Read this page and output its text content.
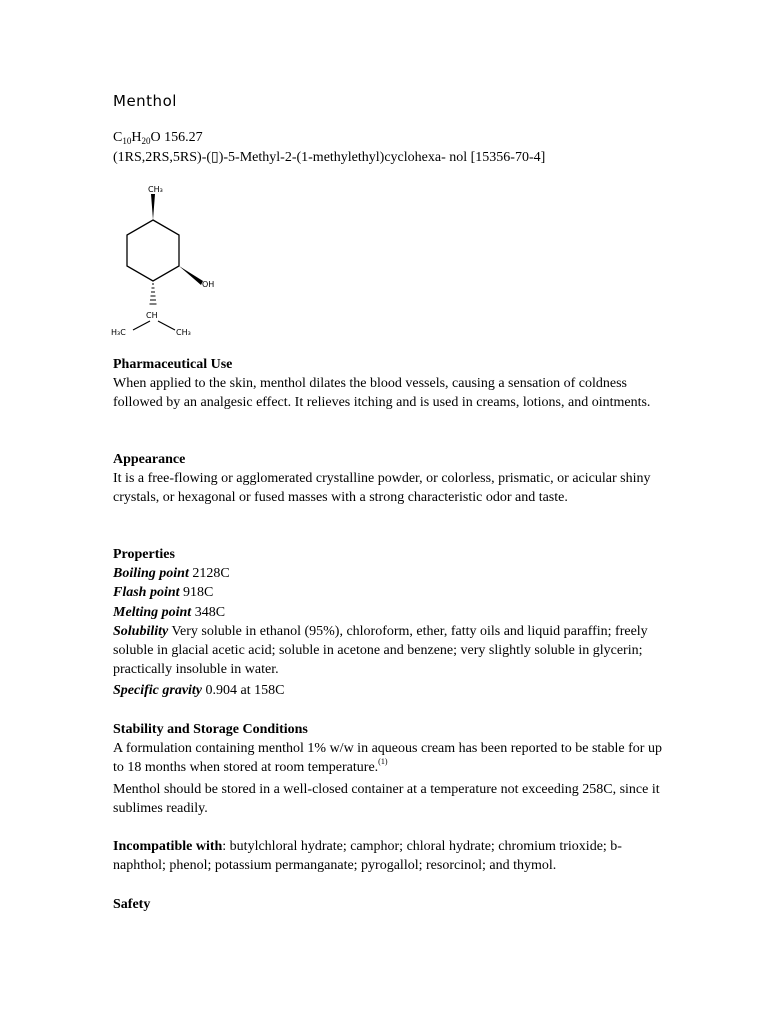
Menthol
$C_{10}H_{20}O$ 156.27
(1RS,2RS,5RS)-(▯)-5-Methyl-2-(1-methylethyl)cyclohexa- nol [15356-70-4]
CH₃
OH
CH
H₃C	CH₃
Pharmaceutical Use

When applied to the skin, menthol dilates the blood vessels, causing a sensation of coldness followed by an analgesic effect. It relieves itching and is used in creams, lotions, and ointments.

Appearance

It is a free-flowing or agglomerated crystalline powder, or colorless, prismatic, or acicular shiny crystals, or hexagonal or fused masses with a strong characteristic odor and taste.

Properties
Boiling point 2128C
Flash point 918C
Melting point 348C

Solubility Very soluble in ethanol (95%), chloroform, ether, fatty oils and liquid paraffin; freely soluble in glacial acetic acid; soluble in acetone and benzene; very slightly soluble in glycerin; practically insoluble in water.

Specific gravity 0.904 at 158C
Stability and Storage Conditions

A formulation containing menthol 1% w/w in aqueous cream has been reported to be stable for up to 18 months when stored at room temperature.$^{(1)}$

Menthol should be stored in a well-closed container at a temperature not exceeding 258C, since it sublimes readily.

Incompatible with: butylchloral hydrate; camphor; chloral hydrate; chromium trioxide; b-naphthol; phenol; potassium permanganate; pyrogallol; resorcinol; and thymol.

Safety
